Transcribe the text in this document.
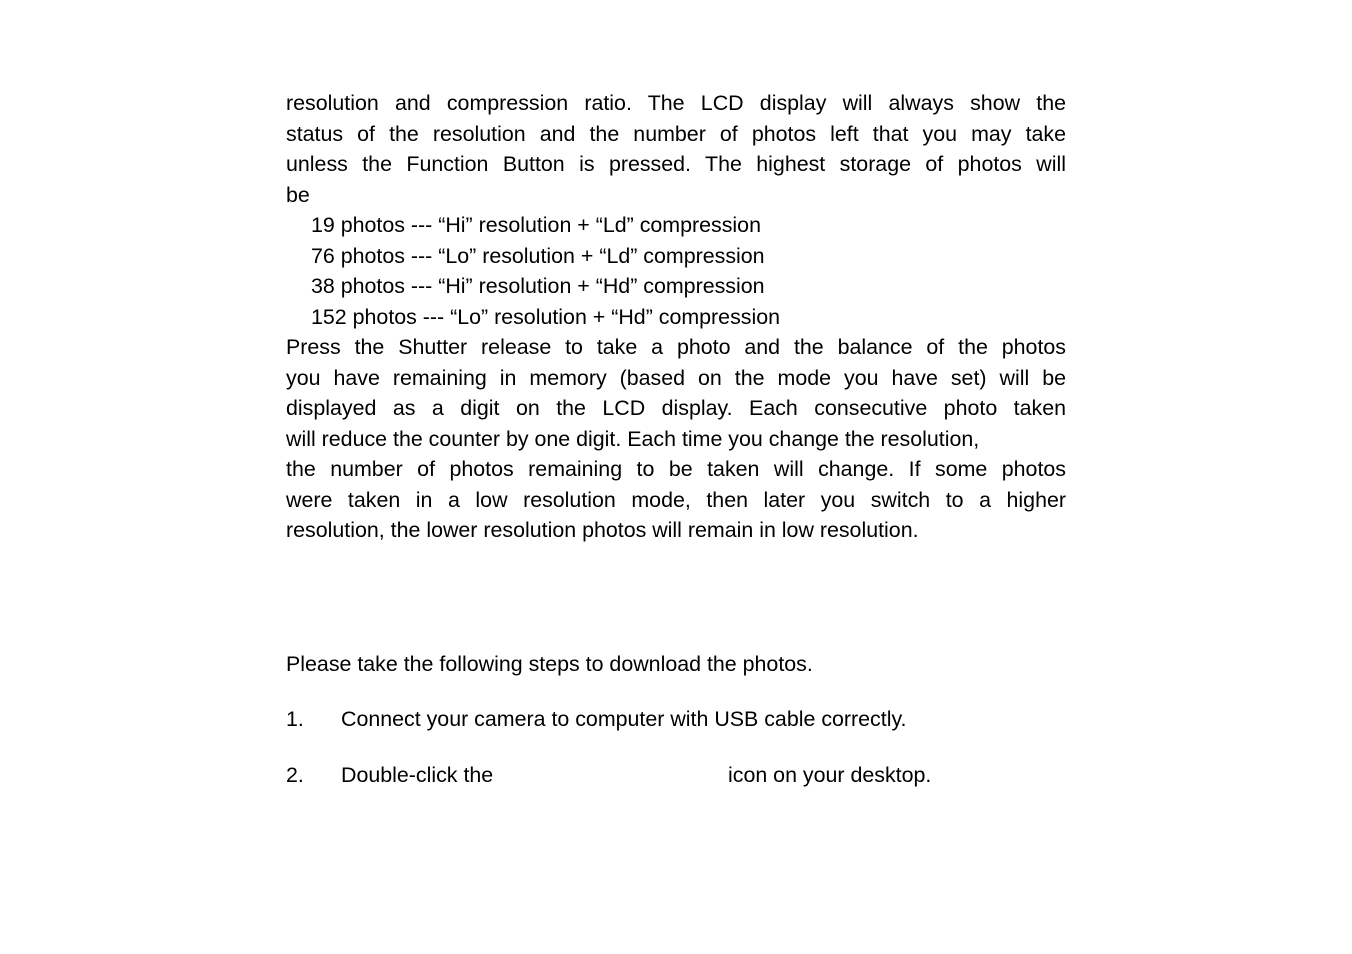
resolution and compression ratio. The LCD display will always show the
status of the resolution and the number of photos left that you may take
unless the Function Button is pressed. The highest storage of photos will
be
19 photos --- “Hi” resolution + “Ld” compression
76 photos --- “Lo” resolution + “Ld” compression
38 photos --- “Hi” resolution + “Hd” compression
152 photos --- “Lo” resolution + “Hd” compression
Press the Shutter release to take a photo and the balance of the photos
you have remaining in memory (based on the mode you have set) will be
displayed as a digit on the LCD display. Each consecutive photo taken
will reduce the counter by one digit. Each time you change the resolution,
the number of photos remaining to be taken will change. If some photos
were taken in a low resolution mode, then later you switch to a higher
resolution, the lower resolution photos will remain in low resolution.
Please take the following steps to download the photos.
1. Connect your camera to computer with USB cable correctly.
2. Double-click the	icon on your desktop.
